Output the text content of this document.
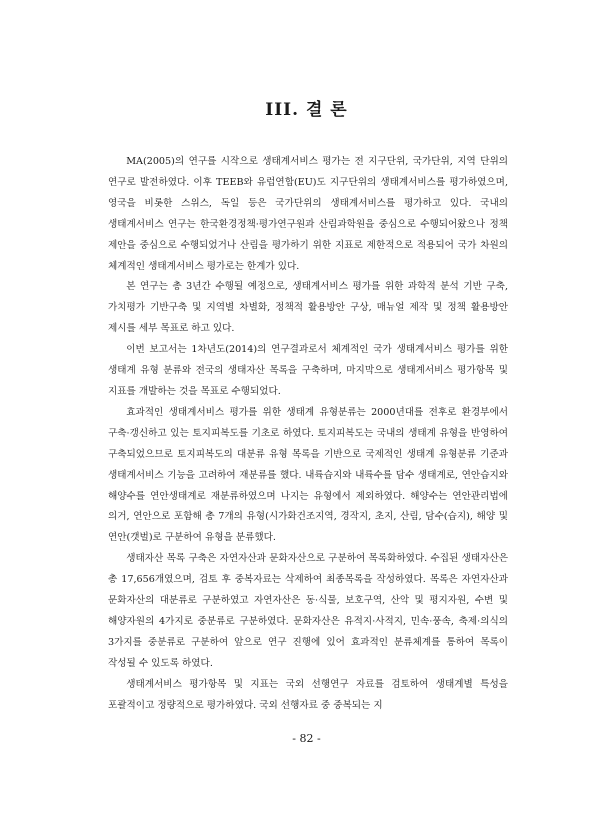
III. 결 론

MA(2005)의 연구를 시작으로 생태계서비스 평가는 전 지구단위, 국가단위, 지역 단위의 연구로 발전하였다. 이후 TEEB와 유럽연합(EU)도 지구단위의 생태계서비스를 평가하였으며, 영국을 비롯한 스위스, 독일 등은 국가단위의 생태계서비스를 평가하고 있다. 국내의 생태계서비스 연구는 한국환경정책·평가연구원과 산림과학원을 중심으로 수행되어왔으나 정책 제안을 중심으로 수행되었거나 산림을 평가하기 위한 지표로 제한적으로 적용되어 국가 차원의 체계적인 생태계서비스 평가로는 한계가 있다.

본 연구는 총 3년간 수행될 예정으로, 생태계서비스 평가를 위한 과학적 분석 기반 구축, 가치평가 기반구축 및 지역별 차별화, 정책적 활용방안 구상, 매뉴얼 제작 및 정책 활용방안 제시를 세부 목표로 하고 있다.

이번 보고서는 1차년도(2014)의 연구결과로서 체계적인 국가 생태계서비스 평가를 위한 생태계 유형 분류와 전국의 생태자산 목록을 구축하며, 마지막으로 생태계서비스 평가항목 및 지표를 개발하는 것을 목표로 수행되었다.

효과적인 생태계서비스 평가를 위한 생태계 유형분류는 2000년대를 전후로 환경부에서 구축·갱신하고 있는 토지피복도를 기초로 하였다. 토지피복도는 국내의 생태계 유형을 반영하여 구축되었으므로 토지피복도의 대분류 유형 목록을 기반으로 국제적인 생태계 유형분류 기준과 생태계서비스 기능을 고려하여 재분류를 했다. 내륙습지와 내륙수를 담수 생태계로, 연안습지와 해양수를 연안생태계로 재분류하였으며 나지는 유형에서 제외하였다. 해양수는 연안관리법에 의거, 연안으로 포함해 총 7개의 유형(시가화건조지역, 경작지, 초지, 산림, 담수(습지), 해양 및 연안(갯벌)로 구분하여 유형을 분류했다.

생태자산 목록 구축은 자연자산과 문화자산으로 구분하여 목록화하였다. 수집된 생태자산은 총 17,656개였으며, 검토 후 중복자료는 삭제하여 최종목록을 작성하였다. 목록은 자연자산과 문화자산의 대분류로 구분하였고 자연자산은 동·식물, 보호구역, 산악 및 평지자원, 수변 및 해양자원의 4가지로 중분류로 구분하였다. 문화자산은 유적지·사적지, 민속·풍속, 축제·의식의 3가지를 중분류로 구분하여 앞으로 연구 진행에 있어 효과적인 분류체계를 통하여 목록이 작성될 수 있도록 하였다.

생태계서비스 평가항목 및 지표는 국외 선행연구 자료를 검토하여 생태계별 특성을 포괄적이고 정량적으로 평가하였다. 국외 선행자료 중 중복되는 지

- 82 -
